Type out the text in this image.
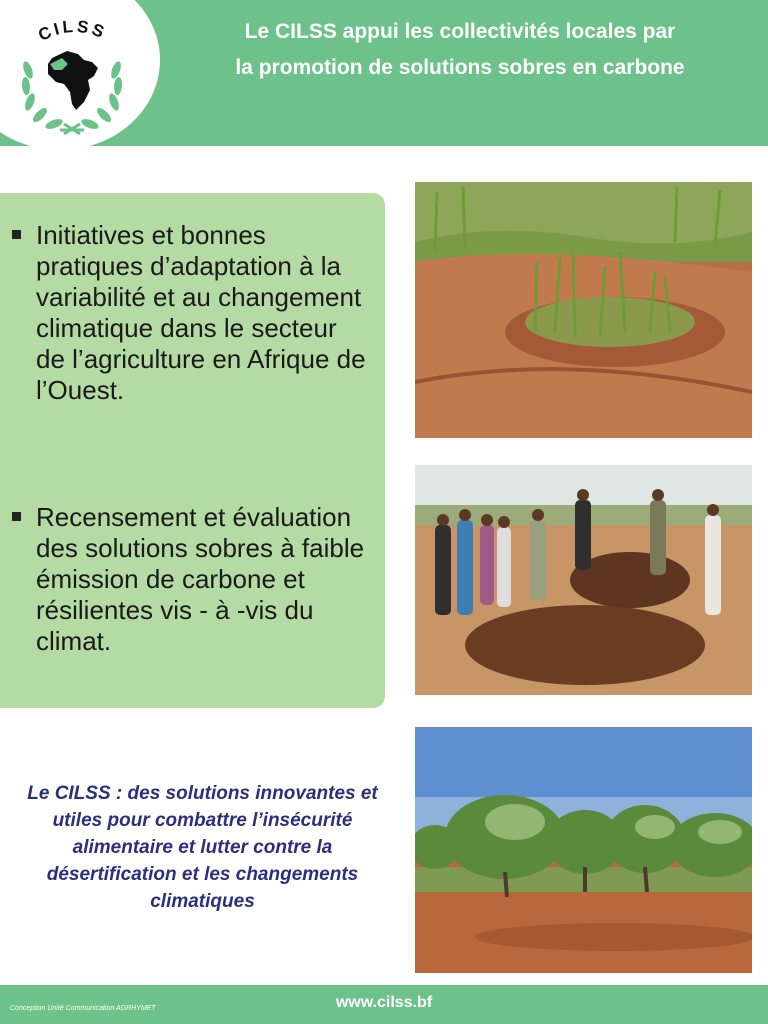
CILSS	Le CILSS appui les collectivités locales par
la promotion de solutions sobres en carbone
Initiatives et bonnes pratiques d’adaptation à la variabilité et au changement climatique dans le secteur de l’agriculture en Afrique de l’Ouest.
Recensement et évaluation des solutions sobres à faible émission de carbone et résilientes vis - à -vis du climat.

Le CILSS : des solutions innovantes et utiles pour combattre l’insécurité alimentaire et lutter contre la désertification et les changements climatiques

Conception Unité Communication AGRHYMET	www.cilss.bf
